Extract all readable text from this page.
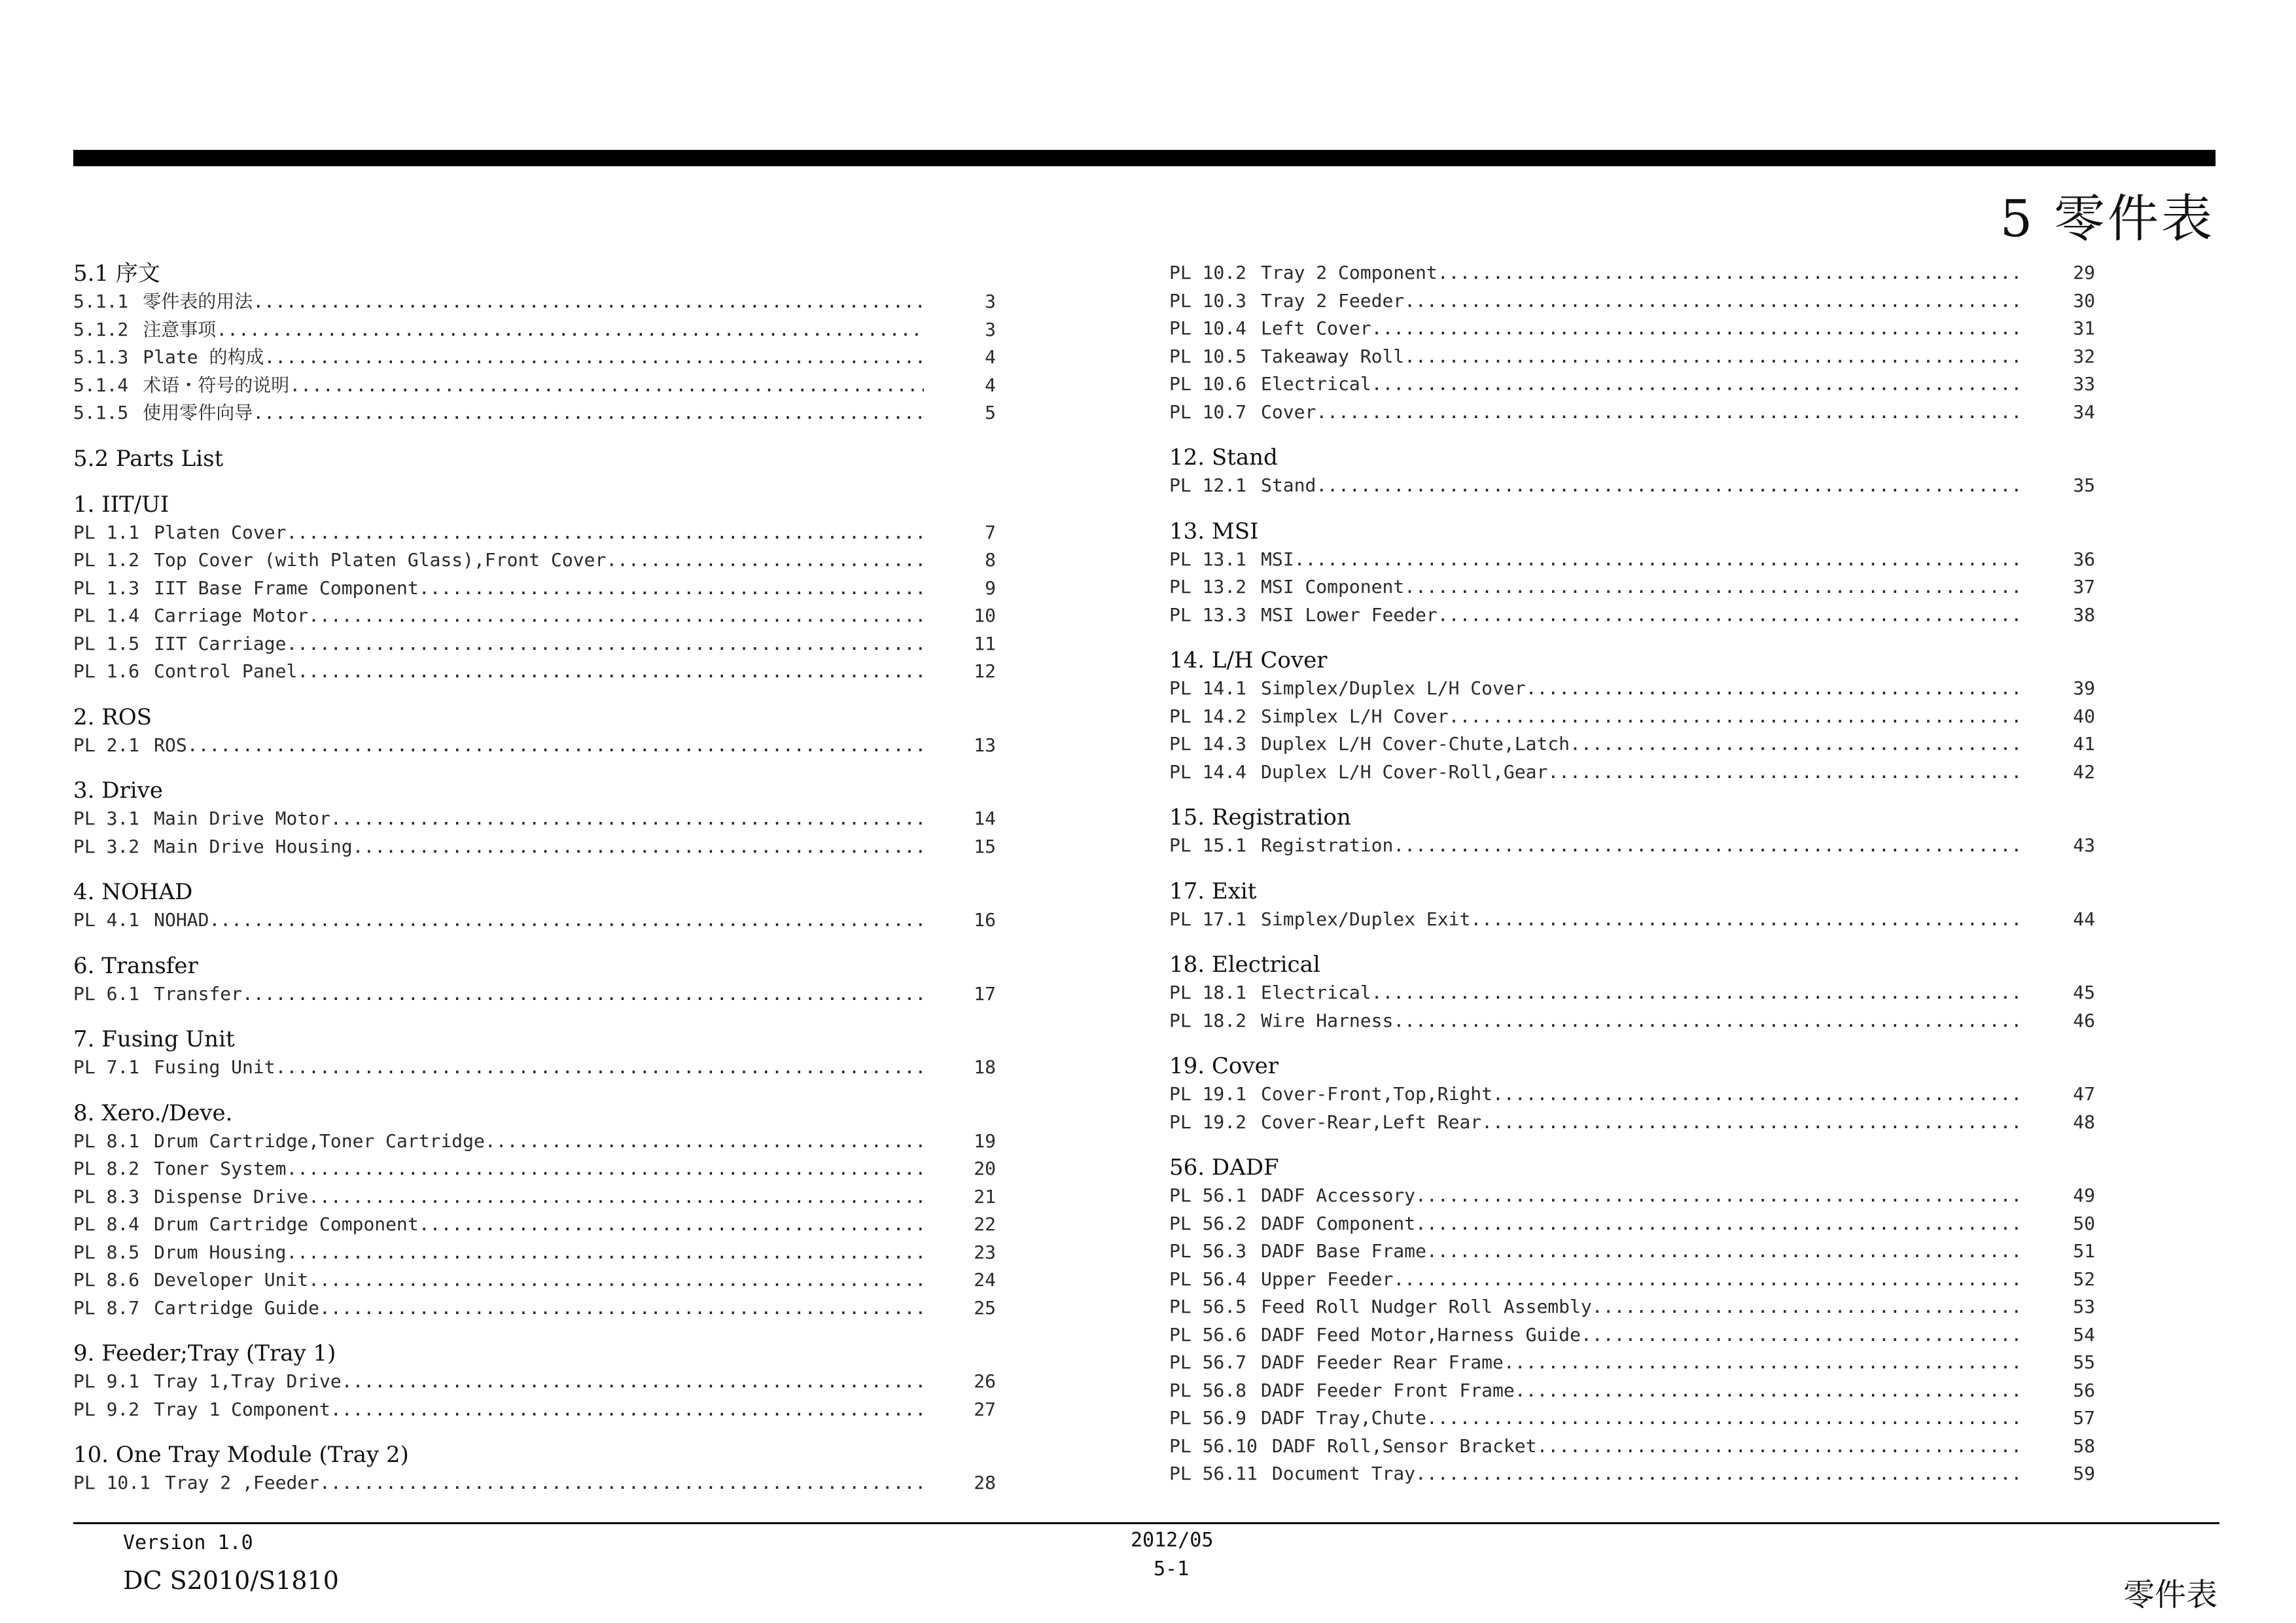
5 零件表
5.1 序文
5.1.1 零件表的用法 .....	3
5.1.2 注意事项 .....	3
5.1.3 Plate 的构成 .....	4
5.1.4 术语・符号的说明 .....	4
5.1.5 使用零件向导 .....	5
5.2 Parts List
1. IIT/UI
PL 1.1 Platen Cover .....	7
PL 1.2 Top Cover (with Platen Glass),Front Cover .....	8
PL 1.3 IIT Base Frame Component .....	9
PL 1.4 Carriage Motor .....	10
PL 1.5 IIT Carriage .....	11
PL 1.6 Control Panel .....	12
2. ROS
PL 2.1 ROS .....	13
3. Drive
PL 3.1 Main Drive Motor .....	14
PL 3.2 Main Drive Housing .....	15
4. NOHAD
PL 4.1 NOHAD .....	16
6. Transfer
PL 6.1 Transfer .....	17
7. Fusing Unit
PL 7.1 Fusing Unit .....	18
8. Xero./Deve.
PL 8.1 Drum Cartridge,Toner Cartridge .....	19
PL 8.2 Toner System .....	20
PL 8.3 Dispense Drive .....	21
PL 8.4 Drum Cartridge Component .....	22
PL 8.5 Drum Housing .....	23
PL 8.6 Developer Unit .....	24
PL 8.7 Cartridge Guide .....	25
9. Feeder;Tray (Tray 1)
PL 9.1 Tray 1,Tray Drive .....	26
PL 9.2 Tray 1 Component .....	27
10. One Tray Module (Tray 2)
PL 10.1 Tray 2 ,Feeder .....	28
PL 10.2 Tray 2 Component .....	29
PL 10.3 Tray 2 Feeder .....	30
PL 10.4 Left Cover .....	31
PL 10.5 Takeaway Roll .....	32
PL 10.6 Electrical .....	33
PL 10.7 Cover .....	34
12. Stand
PL 12.1 Stand .....	35
13. MSI
PL 13.1 MSI .....	36
PL 13.2 MSI Component .....	37
PL 13.3 MSI Lower Feeder .....	38
14. L/H Cover
PL 14.1 Simplex/Duplex L/H Cover .....	39
PL 14.2 Simplex L/H Cover .....	40
PL 14.3 Duplex L/H Cover-Chute,Latch .....	41
PL 14.4 Duplex L/H Cover-Roll,Gear .....	42
15. Registration
PL 15.1 Registration .....	43
17. Exit
PL 17.1 Simplex/Duplex Exit .....	44
18. Electrical
PL 18.1 Electrical .....	45
PL 18.2 Wire Harness .....	46
19. Cover
PL 19.1 Cover-Front,Top,Right .....	47
PL 19.2 Cover-Rear,Left Rear .....	48
56. DADF
PL 56.1 DADF Accessory .....	49
PL 56.2 DADF Component .....	50
PL 56.3 DADF Base Frame .....	51
PL 56.4 Upper Feeder .....	52
PL 56.5 Feed Roll Nudger Roll Assembly .....	53
PL 56.6 DADF Feed Motor,Harness Guide .....	54
PL 56.7 DADF Feeder Rear Frame .....	55
PL 56.8 DADF Feeder Front Frame .....	56
PL 56.9 DADF Tray,Chute .....	57
PL 56.10 DADF Roll,Sensor Bracket .....	58
PL 56.11 Document Tray .....	59
Version 1.0
DC S2010/S1810
2012/05
5-1
零件表
